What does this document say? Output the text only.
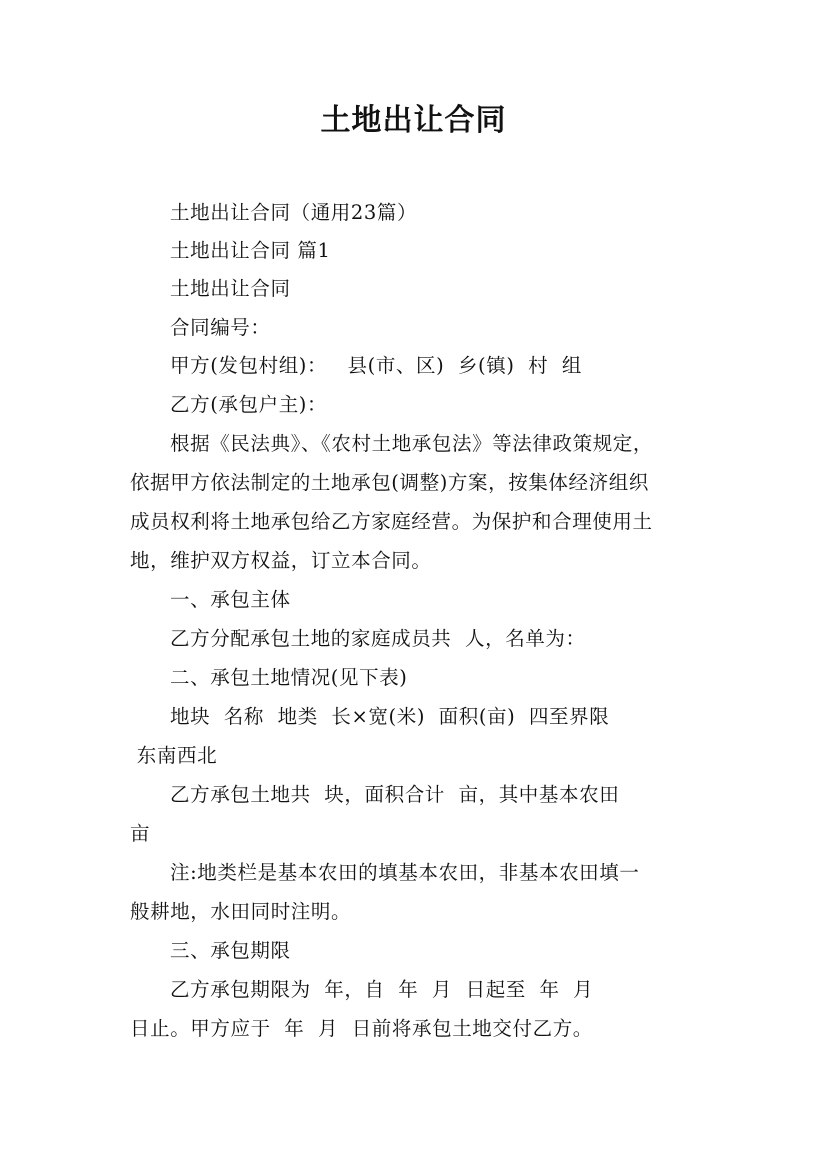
土地出让合同
土地出让合同（通用23篇）
土地出让合同 篇1
土地出让合同
合同编号：
甲方(发包村组)：   县(市、区)  乡(镇)  村  组
乙方(承包户主)：
根据《民法典》、《农村土地承包法》等法律政策规定，
依据甲方依法制定的土地承包(调整)方案，按集体经济组织
成员权利将土地承包给乙方家庭经营。为保护和合理使用土
地，维护双方权益，订立本合同。
一、承包主体
乙方分配承包土地的家庭成员共  人，名单为：
二、承包土地情况(见下表)
地块  名称  地类  长×宽(米)  面积(亩)  四至界限
东南西北
乙方承包土地共  块，面积合计  亩，其中基本农田
亩
注:地类栏是基本农田的填基本农田，非基本农田填一
般耕地，水田同时注明。
三、承包期限
乙方承包期限为  年，自  年  月  日起至  年  月
日止。甲方应于  年  月  日前将承包土地交付乙方。
